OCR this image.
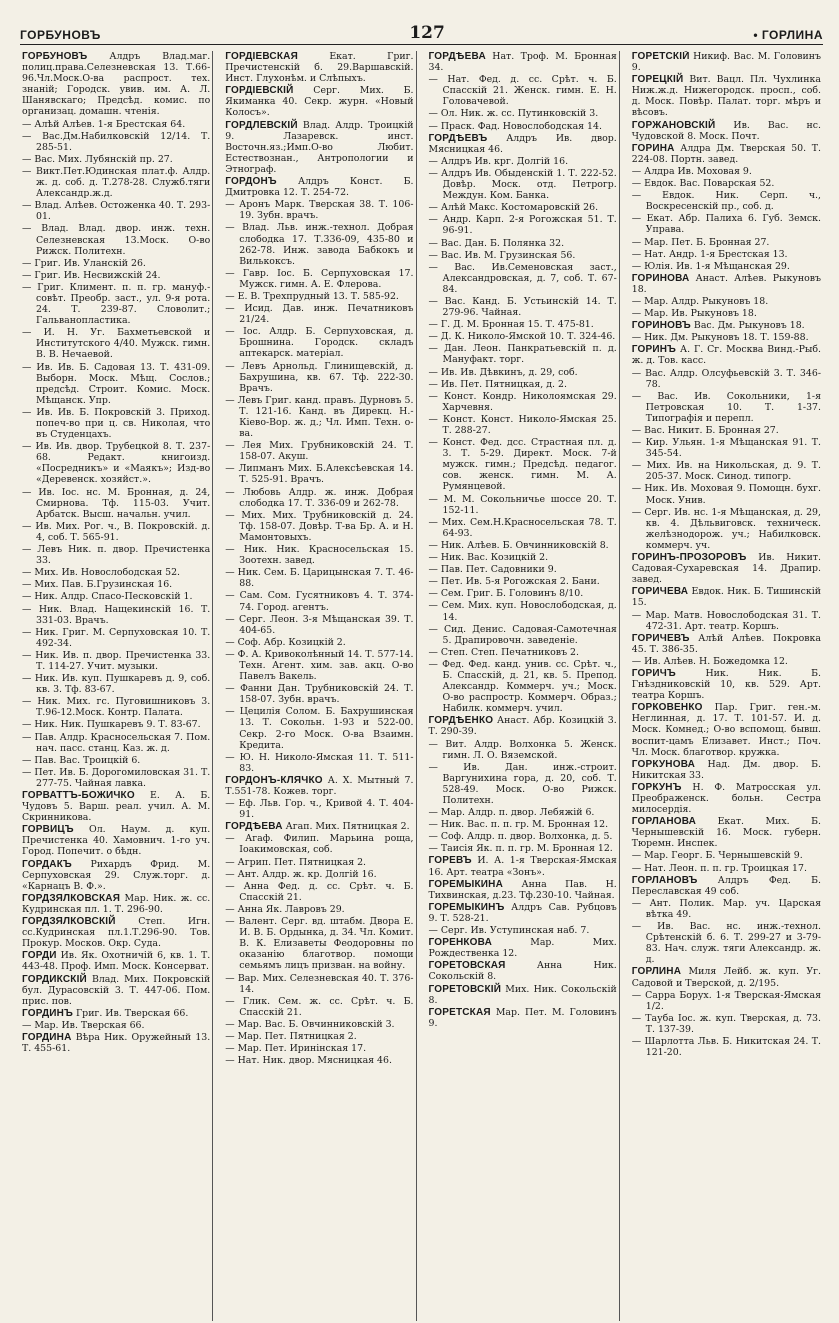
ГОРБУНОВЪ	127	• ГОРЛИНА
ГОРБУНОВЪ Алдръ Влад.маг. полиц.права.Селезневская 13. Т.66-96.Чл.Моск.О-ва распрост. тех. знаній; Городск. увив. им. А. Л. Шанявскаго; Предсѣд. комис. по организац. домашн. чтенія.
— Алѣй Алѣев. 1-я Брестская 64.
— Вас.Дм.Набилковскій 12/14. Т. 285-51.
— Вас. Мих. Лубянскій пр. 27.
— Викт.Пет.Юдинская плат.ф. Алдр. ж. д. соб. д. Т.278-28. Служб.тяги Александр.ж.д.
— Влад. Алѣев. Остоженка 40. Т. 293-01.
— Влад. Влад. двор. инж. техн. Селезневская 13.Моск. О-во Рижск. Политехн.
— Григ. Ив. Уланскій 26.
— Григ. Ив. Несвижскій 24.
— Григ. Климент. п. п. гр. мануф.-совѣт. Преобр. заст., ул. 9-я рота. 24. Т. 239-87. Словолит.; Гальванопластика.
— И. Н. Уг. Бахметьевской и Институтского 4/40. Мужск. гимн. В. В. Нечаевой.
— Ив. Ив. Б. Садовая 13. Т. 431-09. Выборн. Моск. Мѣщ. Сослов.; предсѣд. Строит. Комис. Моск. Мѣщанск. Упр.
— Ив. Ив. Б. Покровскій 3. Приход. попеч-во при ц. св. Николая, что въ Студенцахъ.
— Ив. Ив. двор. Трубецкой 8. Т. 237-68. Редакт. книгоизд. «Посредникъ» и «Маякъ»; Изд-во «Деревенск. хозяйст.».
— Ив. Іос. нс. М. Бронная, д. 24, Смирнова. Тф. 115-03. Учит. Арбатск. Высш. начальн. учил.
— Ив. Мих. Рог. ч., В. Покровскій. д. 4, соб. Т. 565-91.
— Левъ Ник. п. двор. Пречистенка 33.
— Мих. Ив. Новослободская 52.
— Мих. Пав. Б.Грузинская 16.
— Ник. Алдр. Спасо-Песковскій 1.
— Ник. Влад. Нащекинскій 16. Т. 331-03. Врачъ.
— Ник. Григ. М. Серпуховская 10. Т. 492-34.
— Ник. Ив. п. двор. Пречистенка 33. Т. 114-27. Учит. музыки.
— Ник. Ив. куп. Пушкаревъ д. 9, соб. кв. 3. Тф. 83-67.
— Ник. Мих. гс. Пуговишниковъ 3. Т.96-12.Моск. Контр. Палата.
— Ник. Ник. Пушкаревъ 9. Т. 83-67.
— Пав. Алдр. Красносельская 7. Пом. нач. пасс. станц. Каз. ж. д.
— Пав. Вас. Троицкій 6.
— Пет. Ив. Б. Дорогомиловская 31. Т. 277-75. Чайная лавка.
ГОРВАТТЪ-БОЖИЧКО Е. А. Б. Чудовъ 5. Варш. реал. учил. А. М. Скринникова.
ГОРВИЦЪ Ол. Наум. д. куп. Пречистенка 40. Хамовнич. 1-го уч. Город. Попечит. о бѣдн.
ГОРДАКЪ Рихардъ Фрид. М. Серпуховская 29. Служ.торг. д. «Карнацъ В. Ф.».
ГОРДЗЯЛКОВСКАЯ Мар. Ник. ж. сс. Кудринская пл. 1. Т. 296-90.
ГОРДЗЯЛКОВСКІЙ Степ. Игн. сс.Кудринская пл.1.Т.296-90. Тов. Прокур. Москов. Окр. Суда.
ГОРДИ Ив. Як. Охотничій 6, кв. 1. Т. 443-48. Проф. Имп. Моск. Консерват.
ГОРДИКСКІЙ Влад. Мих. Покровскій бул. Дурасовскій 3. Т. 447-06. Пом. прис. пов.
ГОРДИНЪ Григ. Ив. Тверская 66.
— Мар. Ив. Тверская 66.
ГОРДИНА Вѣра Ник. Оружейный 13. Т. 455-61.
ГОРДІЕВСКАЯ Екат. Григ. Пречистенскій б. 29.Варшавскій. Инст. Глухонѣм. и Слѣпыхъ.
ГОРДІЕВСКІЙ Серг. Мих. Б. Якиманка 40. Секр. журн. «Новый Колосъ».
ГОРДЛЕВСКІЙ Влад. Алдр. Троицкій 9. Лазаревск. инст. Восточн.яз.;Имп.О-во Любит. Естествознан., Антропологии и Этнограф.
ГОРДОНЪ Алдръ Конст. Б. Дмитровка 12. Т. 254-72.
— Аронъ Марк. Тверская 38. Т. 106-19. Зубн. врачъ.
— Влад. Льв. инж.-технол. Добрая слободка 17. Т.336-09, 435-80 и 262-78. Инж. завода Бабкокъ и Вилькоксъ.
— Гавр. Іос. Б. Серпуховская 17. Мужск. гимн. А. Е. Флерова.
— Е. В. Трехпрудный 13. Т. 585-92.
— Исид. Дав. инж. Печатниковъ 21/24.
— Іос. Алдр. Б. Серпуховская, д. Брошнина. Городск. складъ аптекарск. матеріал.
— Левъ Арнольд. Глинищевскій, д. Бахрушина, кв. 67. Тф. 222-30. Врачъ.
— Левъ Григ. канд. правъ. Дурновъ 5. Т. 121-16. Канд. въ Дирекц. Н.-Кіево-Вор. ж. д.; Чл. Имп. Техн. о-ва.
— Лея Мих. Грубниковскій 24. Т. 158-07. Акуш.
— Липманъ Мих. Б.Алексѣевская 14. Т. 525-91. Врачъ.
— Любовь Алдр. ж. инж. Добрая слободка 17. Т. 336-09 и 262-78.
— Мих. Мих. Трубниковскій д. 24. Тф. 158-07. Довѣр. Т-ва Бр. А. и Н. Мамонтовыхъ.
— Ник. Ник. Красносельская 15. Зоотехн. завед.
— Ник. Сем. Б. Царицынская 7. Т. 46-88.
— Сам. Сом. Гусятниковъ 4. Т. 374-74. Город. агентъ.
— Серг. Леон. 3-я Мѣщанская 39. Т. 404-65.
— Соф. Абр. Козицкій 2.
— Ф. А. Кривоколѣнный 14. Т. 577-14. Техн. Агент. хим. зав. акц. О-во Павелъ Вакель.
— Фанни Дан. Трубниковскій 24. Т. 158-07. Зубн. врачъ.
— Цецилія Солом. Б. Бахрушинская 13. Т. Сокольн. 1-93 и 522-00. Секр. 2-го Моск. О-ва Взаимн. Кредита.
— Ю. Н. Николо-Ямская 11. Т. 511-83.
ГОРДОНЪ-КЛЯЧКО А. Х. Мытный 7. Т.551-78. Кожев. торг.
— Еф. Льв. Гор. ч., Кривой 4. Т. 404-91.
ГОРДѢЕВА Агап. Мих. Пятницкая 2.
— Агаф. Филип. Марьина роща, Іоакимовская, соб.
— Агрип. Пет. Пятницкая 2.
— Ант. Алдр. ж. кр. Долгій 16.
— Анна Фед. д. сс. Срѣт. ч. Б. Спасскій 21.
— Анна Як. Лавровъ 29.
— Валент. Серг. вд. штабм. Двора Е. И. В. Б. Ордынка, д. 34. Чл. Комит. В. К. Елизаветы Феодоровны по оказанію благотвор. помощи семьямъ лицъ призван. на войну.
— Вар. Мих. Селезневская 40. Т. 376-14.
— Глик. Сем. ж. сс. Срѣт. ч. Б. Спасскій 21.
— Мар. Вас. Б. Овчинниковскій 3.
— Мар. Пет. Пятницкая 2.
— Мар. Пет. Иринінская 17.
— Нат. Ник. двор. Мясницкая 46.
ГОРДѢЕВА Нат. Троф. М. Бронная 34.
— Нат. Фед. д. сс. Срѣт. ч. Б. Спасскій 21. Женск. гимн. Е. Н. Головачевой.
— Ол. Ник. ж. сс. Путинковскій 3.
— Праск. Фад. Новослободская 14.
ГОРДѢЕВЪ Алдръ Ив. двор. Мясницкая 46.
— Алдръ Ив. крг. Долгій 16.
— Алдръ Ив. Обыденскій 1. Т. 222-52. Довѣр. Моск. отд. Петрогр. Междун. Ком. Банка.
— Алѣй Макс. Костомаровскій 26.
— Андр. Карп. 2-я Рогожская 51. Т. 96-91.
— Вас. Дан. Б. Полянка 32.
— Вас. Ив. М. Грузинская 56.
— Вас. Ив.Семеновская заст., Александровская, д. 7, соб. Т. 67-84.
— Вас. Канд. Б. Устьинскій 14. Т. 279-96. Чайная.
— Г. Д. М. Бронная 15. Т. 475-81.
— Д. К. Николо-Ямской 10. Т. 324-46.
— Дан. Леон. Панкратьевскій п. д. Мануфакт. торг.
— Ив. Ив. Дѣвкинъ, д. 29, соб.
— Ив. Пет. Пятницкая, д. 2.
— Конст. Кондр. Николоямская 29. Харчевня.
— Конст. Конст. Николо-Ямская 25. Т. 288-27.
— Конст. Фед. дсс. Страстная пл. д. 3. Т. 5-29. Директ. Моск. 7-й мужск. гимн.; Предсѣд. педагог. сов. женск. гимн. М. А. Румянцевой.
— М. М. Сокольничье шоссе 20. Т. 152-11.
— Мих. Сем.Н.Красносельская 78. Т. 64-93.
— Ник. Алѣев. Б. Овчинниковскій 8.
— Ник. Вас. Козицкій 2.
— Пав. Пет. Садовники 9.
— Пет. Ив. 5-я Рогожская 2. Бани.
— Сем. Григ. Б. Головинъ 8/10.
— Сем. Мих. куп. Новослободская, д. 14.
— Сид. Денис. Садовая-Самотечная 5. Драпировочн. заведеніе.
— Степ. Степ. Печатниковъ 2.
— Фед. Фед. канд. унив. сс. Срѣт. ч., Б. Спасскій, д. 21, кв. 5. Препод. Александр. Коммерч. уч.; Моск. О-во распростр. Коммерч. Образ.; Набилк. коммерч. учил.
ГОРДѢЕНКО Анаст. Абр. Козицкій 3. Т. 290-39.
— Вит. Алдр. Волхонка 5. Женск. гимн. Л. О. Вяземской.
— Ив. Дан. инж.-строит. Варгунихина гора, д. 20, соб. Т. 528-49. Моск. О-во Рижск. Политехн.
— Мар. Алдр. п. двор. Лебяжій 6.
— Ник. Вас. п. п. гр. М. Бронная 12.
— Соф. Алдр. п. двор. Волхонка, д. 5.
— Таисія Як. п. п. гр. М. Бронная 12.
ГОРЕВЪ И. А. 1-я Тверская-Ямская 16. Арт. театра «Зонъ».
ГОРЕМЫКИНА Анна Пав. Н. Тихвинская, д.23. Тф.230-10. Чайная.
ГОРЕМЫКИНЪ Алдръ Сав. Рубцовъ 9. Т. 528-21.
— Серг. Ив. Уступинская наб. 7.
ГОРЕНКОВА Мар. Мих. Рождественка 12.
ГОРЕТОВСКАЯ Анна Ник. Сокольскій 8.
ГОРЕТОВСКІЙ Мих. Ник. Сокольскій 8.
ГОРЕТСКАЯ Мар. Пет. М. Головинъ 9.
ГОРЕТСКІЙ Никиф. Вас. М. Головинъ 9.
ГОРЕЦКІЙ Вит. Вацл. Пл. Чухлинка Ниж.ж.д. Нижегородск. просп., соб. д. Моск. Повѣр. Палат. торг. мѣръ и вѣсовъ.
ГОРЖАНОВСКІЙ Ив. Вас. нс. Чудовской 8. Моск. Почт.
ГОРИНА Алдра Дм. Тверская 50. Т. 224-08. Портн. завед.
— Алдра Ив. Моховая 9.
— Евдок. Вас. Поварская 52.
— Евдок. Ник. Серп. ч., Воскресенскій пр., соб. д.
— Екат. Абр. Палиха 6. Губ. Земск. Управа.
— Мар. Пет. Б. Бронная 27.
— Нат. Андр. 1-я Брестская 13.
— Юлія. Ив. 1-я Мѣщанская 29.
ГОРИНОВА Анаст. Алѣев. Рыкуновъ 18.
— Мар. Алдр. Рыкуновъ 18.
— Мар. Ив. Рыкуновъ 18.
ГОРИНОВЪ Вас. Дм. Рыкуновъ 18.
— Ник. Дм. Рыкуновъ 18. Т. 159-88.
ГОРИНЪ А. Г. Сг. Москва Винд.-Рыб. ж. д. Тов. касс.
— Вас. Алдр. Олсуфьевскій 3. Т. 346-78.
— Вас. Ив. Сокольники, 1-я Петровская 10. Т. 1-37. Типографія и перепл.
— Вас. Никит. Б. Бронная 27.
— Кир. Ульян. 1-я Мѣщанская 91. Т. 345-54.
— Мих. Ив. на Никольская, д. 9. Т. 205-37. Моск. Синод. типогр.
— Ник. Ив. Моховая 9. Помощн. бухг. Моск. Унив.
— Серг. Ив. нс. 1-я Мѣщанская, д. 29, кв. 4. Дѣльвиговск. техническ. желѣзнодорож. уч.; Набилковск. коммерч. уч.
ГОРИНЪ-ПРОЗОРОВЪ Ив. Никит. Садовая-Сухаревская 14. Драпир. завед.
ГОРИЧЕВА Евдок. Ник. Б. Тишинскій 15.
— Мар. Матв. Новослободская 31. Т. 472-31. Арт. театр. Коршъ.
ГОРИЧЕВЪ Алѣй Алѣев. Покровка 45. Т. 386-35.
— Ив. Алѣев. Н. Божедомка 12.
ГОРИЧЪ Ник. Ник. Б. Гнѣздниковскій 10, кв. 529. Арт. театра Коршъ.
ГОРКОВЕНКО Пар. Григ. ген.-м. Неглинная, д. 17. Т. 101-57. И. д. Моск. Комнед.; О-во вспомощ. бывш. воспит-цамъ Елизавет. Инст.; Поч. Чл. Моск. благотвор. кружка.
ГОРКУНОВА Над. Дм. двор. Б. Никитская 33.
ГОРКУНЪ Н. Ф. Матросская ул. Преображенск. больн. Сестра милосердія.
ГОРЛАНОВА Екат. Мих. Б. Чернышевскій 16. Моск. губерн. Тюремн. Инспек.
— Мар. Георг. Б. Чернышевскій 9.
— Нат. Леон. п. п. гр. Троицкая 17.
ГОРЛАНОВЪ Алдръ Фед. Б. Переславская 49 соб.
— Ант. Полик. Мар. уч. Царская вѣтка 49.
— Ив. Вас. нс. инж.-технол. Срѣтенскій б. 6. Т. 299-27 и 3-79-83. Нач. служ. тяги Александр. ж. д.
ГОРЛИНА Миля Лейб. ж. куп. Уг. Садовой и Тверской, д. 2/195.
— Сарра Борух. 1-я Тверская-Ямская 1/2.
— Тауба Іос. ж. куп. Тверская, д. 73. Т. 137-39.
— Шарлотта Льв. Б. Никитская 24. Т. 121-20.
